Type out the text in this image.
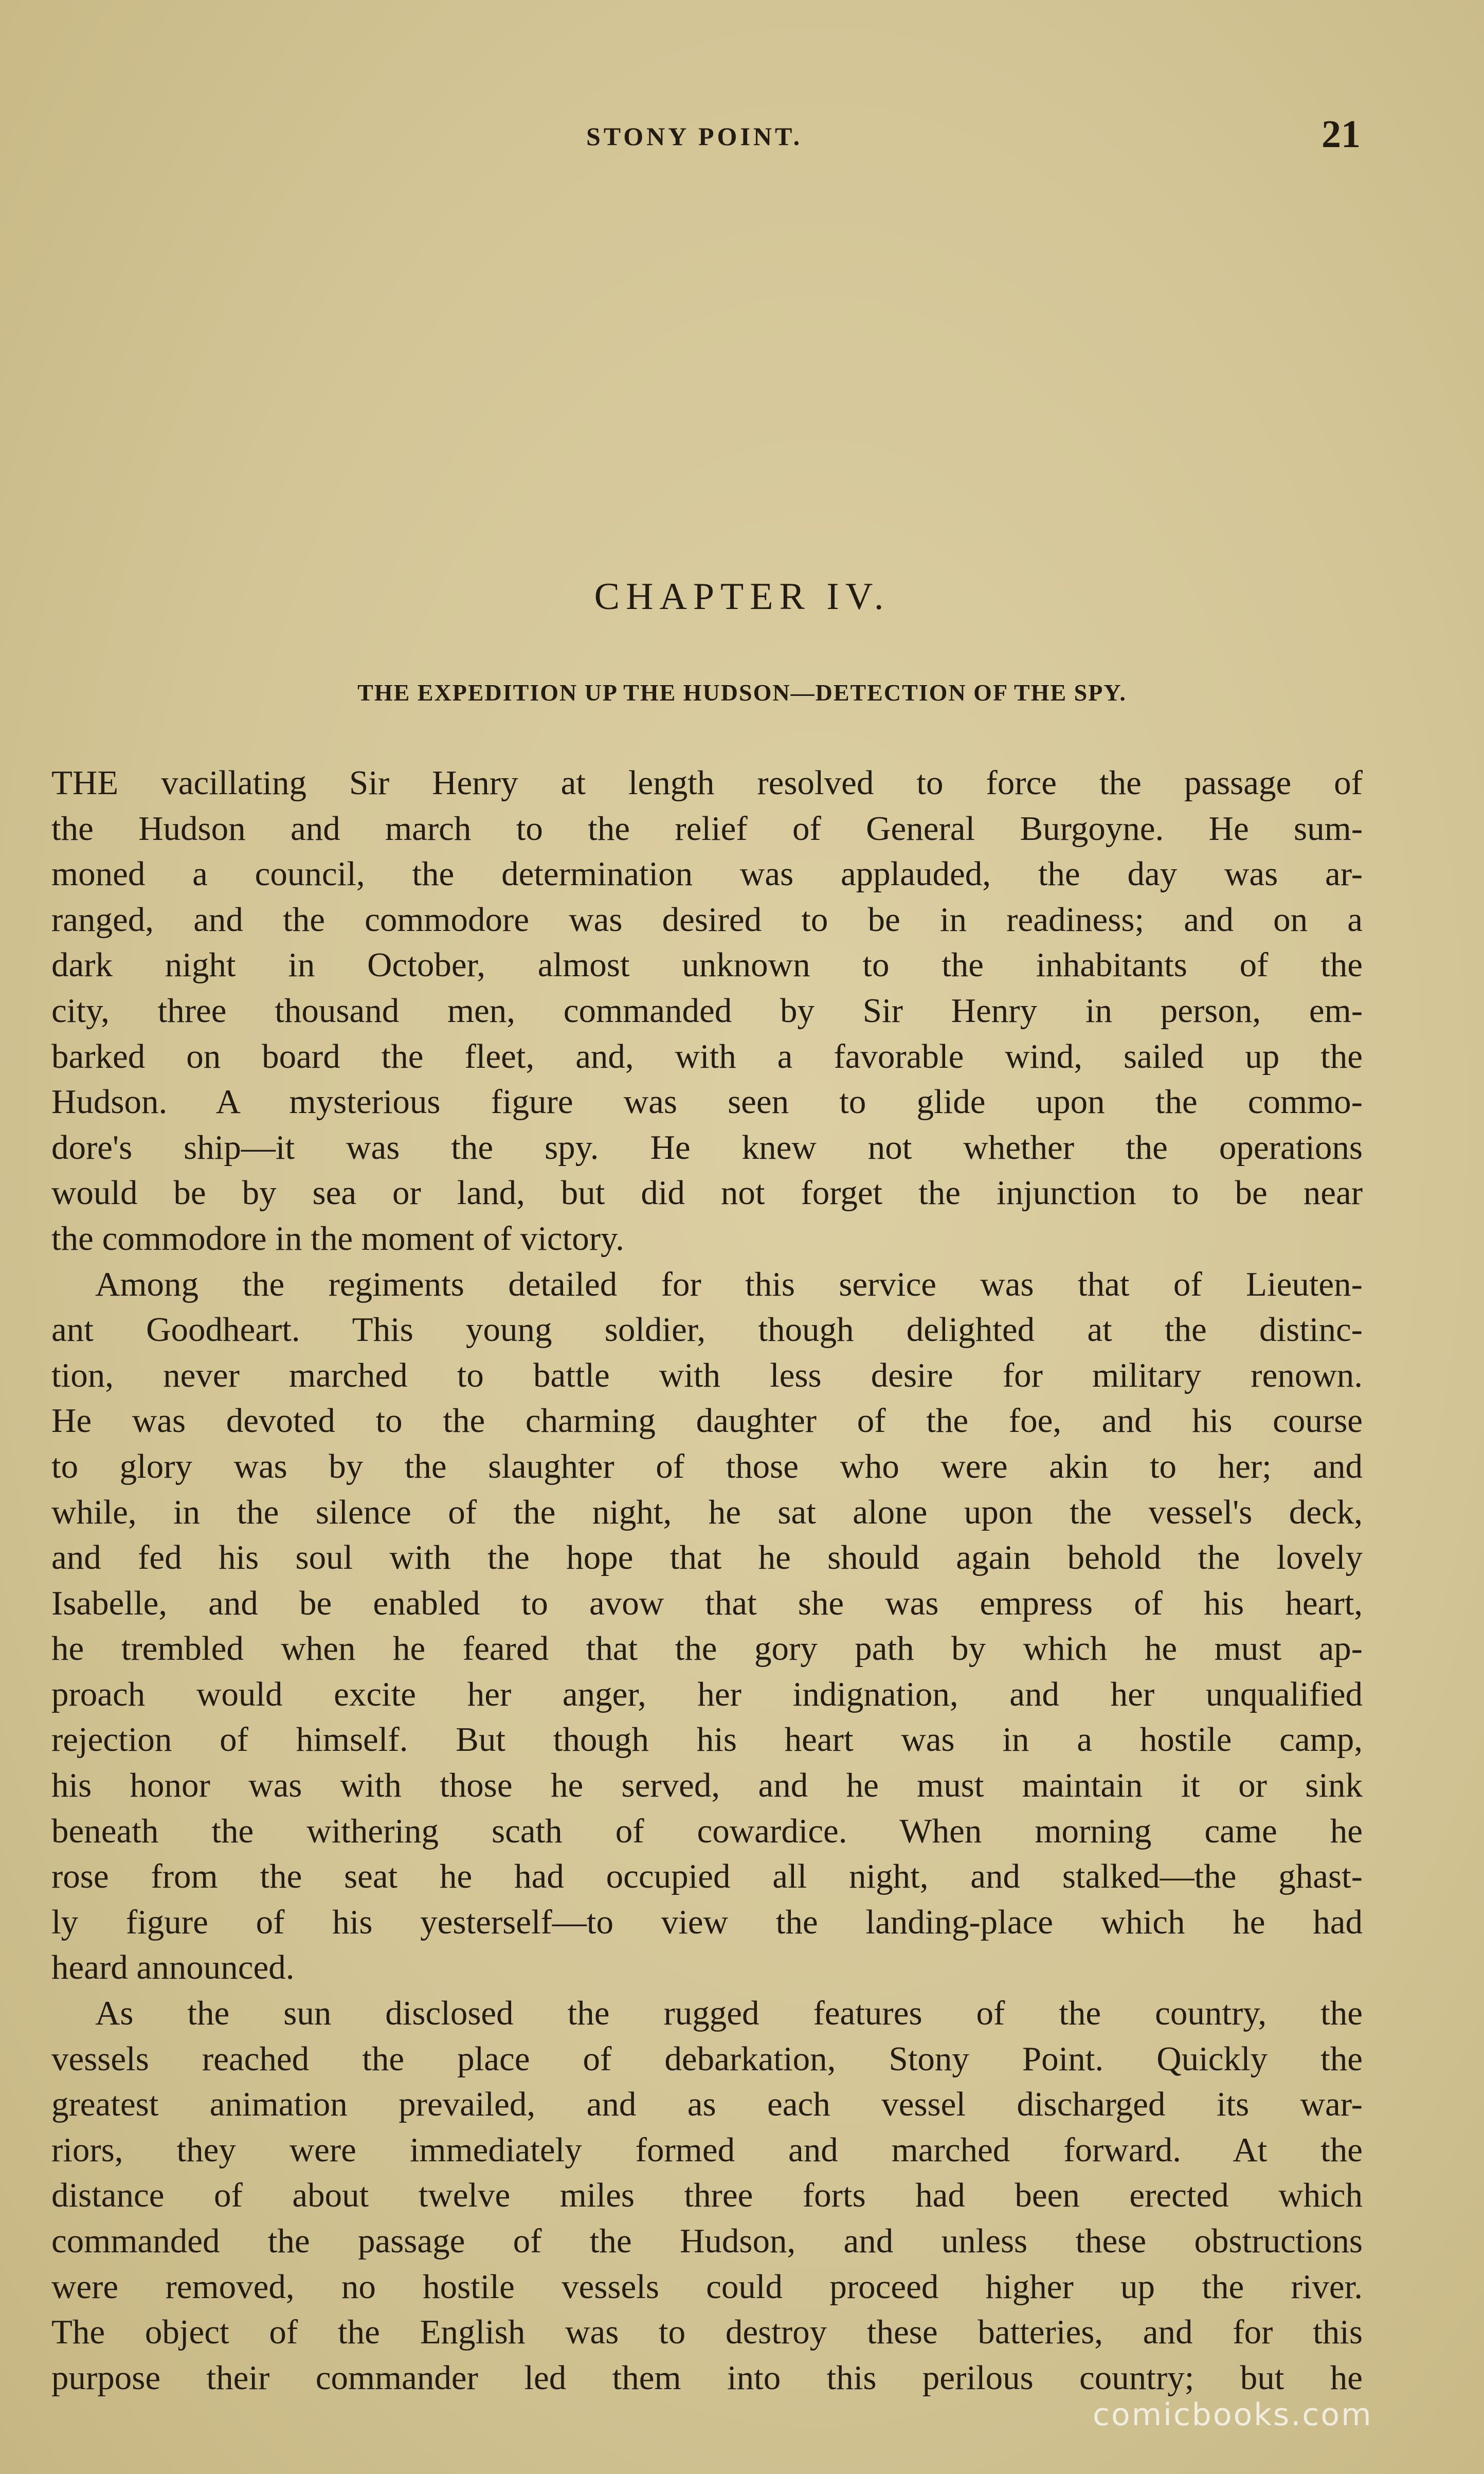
STONY POINT.	21
CHAPTER IV.
THE EXPEDITION UP THE HUDSON—DETECTION OF THE SPY.
THE vacillating Sir Henry at length resolved to force the passage of
the Hudson and march to the relief of General Burgoyne. He sum-
moned a council, the determination was applauded, the day was ar-
ranged, and the commodore was desired to be in readiness; and on a
dark night in October, almost unknown to the inhabitants of the
city, three thousand men, commanded by Sir Henry in person, em-
barked on board the fleet, and, with a favorable wind, sailed up the
Hudson. A mysterious figure was seen to glide upon the commo-
dore's ship—it was the spy. He knew not whether the operations
would be by sea or land, but did not forget the injunction to be near
the commodore in the moment of victory.
Among the regiments detailed for this service was that of Lieuten-
ant Goodheart. This young soldier, though delighted at the distinc-
tion, never marched to battle with less desire for military renown.
He was devoted to the charming daughter of the foe, and his course
to glory was by the slaughter of those who were akin to her; and
while, in the silence of the night, he sat alone upon the vessel's deck,
and fed his soul with the hope that he should again behold the lovely
Isabelle, and be enabled to avow that she was empress of his heart,
he trembled when he feared that the gory path by which he must ap-
proach would excite her anger, her indignation, and her unqualified
rejection of himself. But though his heart was in a hostile camp,
his honor was with those he served, and he must maintain it or sink
beneath the withering scath of cowardice. When morning came he
rose from the seat he had occupied all night, and stalked—the ghast-
ly figure of his yesterself—to view the landing-place which he had
heard announced.
As the sun disclosed the rugged features of the country, the
vessels reached the place of debarkation, Stony Point. Quickly the
greatest animation prevailed, and as each vessel discharged its war-
riors, they were immediately formed and marched forward. At the
distance of about twelve miles three forts had been erected which
commanded the passage of the Hudson, and unless these obstructions
were removed, no hostile vessels could proceed higher up the river.
The object of the English was to destroy these batteries, and for this
purpose their commander led them into this perilous country; but he
comicbooks.com
